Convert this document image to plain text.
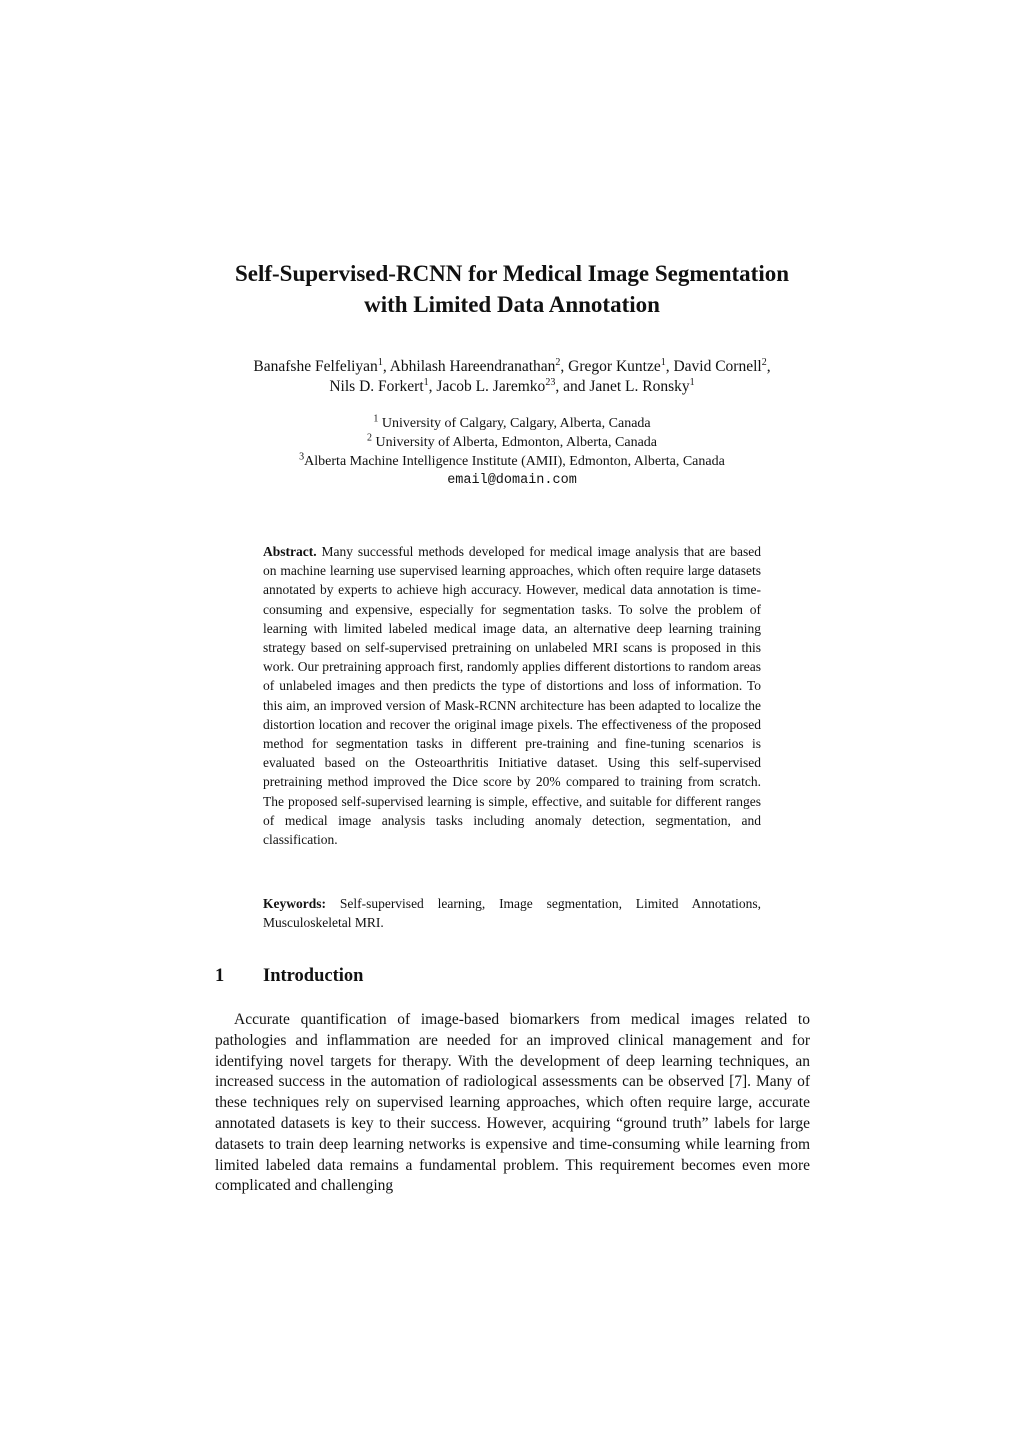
Self-Supervised-RCNN for Medical Image Segmentation
with Limited Data Annotation
Banafshe Felfeliyan$^1$, Abhilash Hareendranathan$^2$, Gregor Kuntze$^1$, David Cornell$^2$,
Nils D. Forkert$^1$, Jacob L. Jaremko$^{23}$, and Janet L. Ronsky$^1$
$^1$ University of Calgary, Calgary, Alberta, Canada
$^2$ University of Alberta, Edmonton, Alberta, Canada
$^3$Alberta Machine Intelligence Institute (AMII), Edmonton, Alberta, Canada
email@domain.com
Abstract. Many successful methods developed for medical image analysis that are based on machine learning use supervised learning approaches, which often require large datasets annotated by experts to achieve high accuracy. However, medical data annotation is time-consuming and expensive, especially for segmentation tasks. To solve the problem of learning with limited labeled medical image data, an alternative deep learning training strategy based on self-supervised pretraining on unlabeled MRI scans is proposed in this work. Our pretraining approach first, randomly applies different distortions to random areas of unlabeled images and then predicts the type of distortions and loss of information. To this aim, an improved version of Mask-RCNN architecture has been adapted to localize the distortion location and recover the original image pixels. The effectiveness of the proposed method for segmentation tasks in different pre-training and fine-tuning scenarios is evaluated based on the Osteoarthritis Initiative dataset. Using this self-supervised pretraining method improved the Dice score by 20% compared to training from scratch. The proposed self-supervised learning is simple, effective, and suitable for different ranges of medical image analysis tasks including anomaly detection, segmentation, and classification.
Keywords: Self-supervised learning, Image segmentation, Limited Annotations, Musculoskeletal MRI.
1 Introduction
Accurate quantification of image-based biomarkers from medical images related to pathologies and inflammation are needed for an improved clinical management and for identifying novel targets for therapy. With the development of deep learning techniques, an increased success in the automation of radiological assessments can be observed [7]. Many of these techniques rely on supervised learning approaches, which often require large, accurate annotated datasets is key to their success. However, acquiring “ground truth” labels for large datasets to train deep learning networks is expensive and time-consuming while learning from limited labeled data remains a fundamental problem. This requirement becomes even more complicated and challenging
